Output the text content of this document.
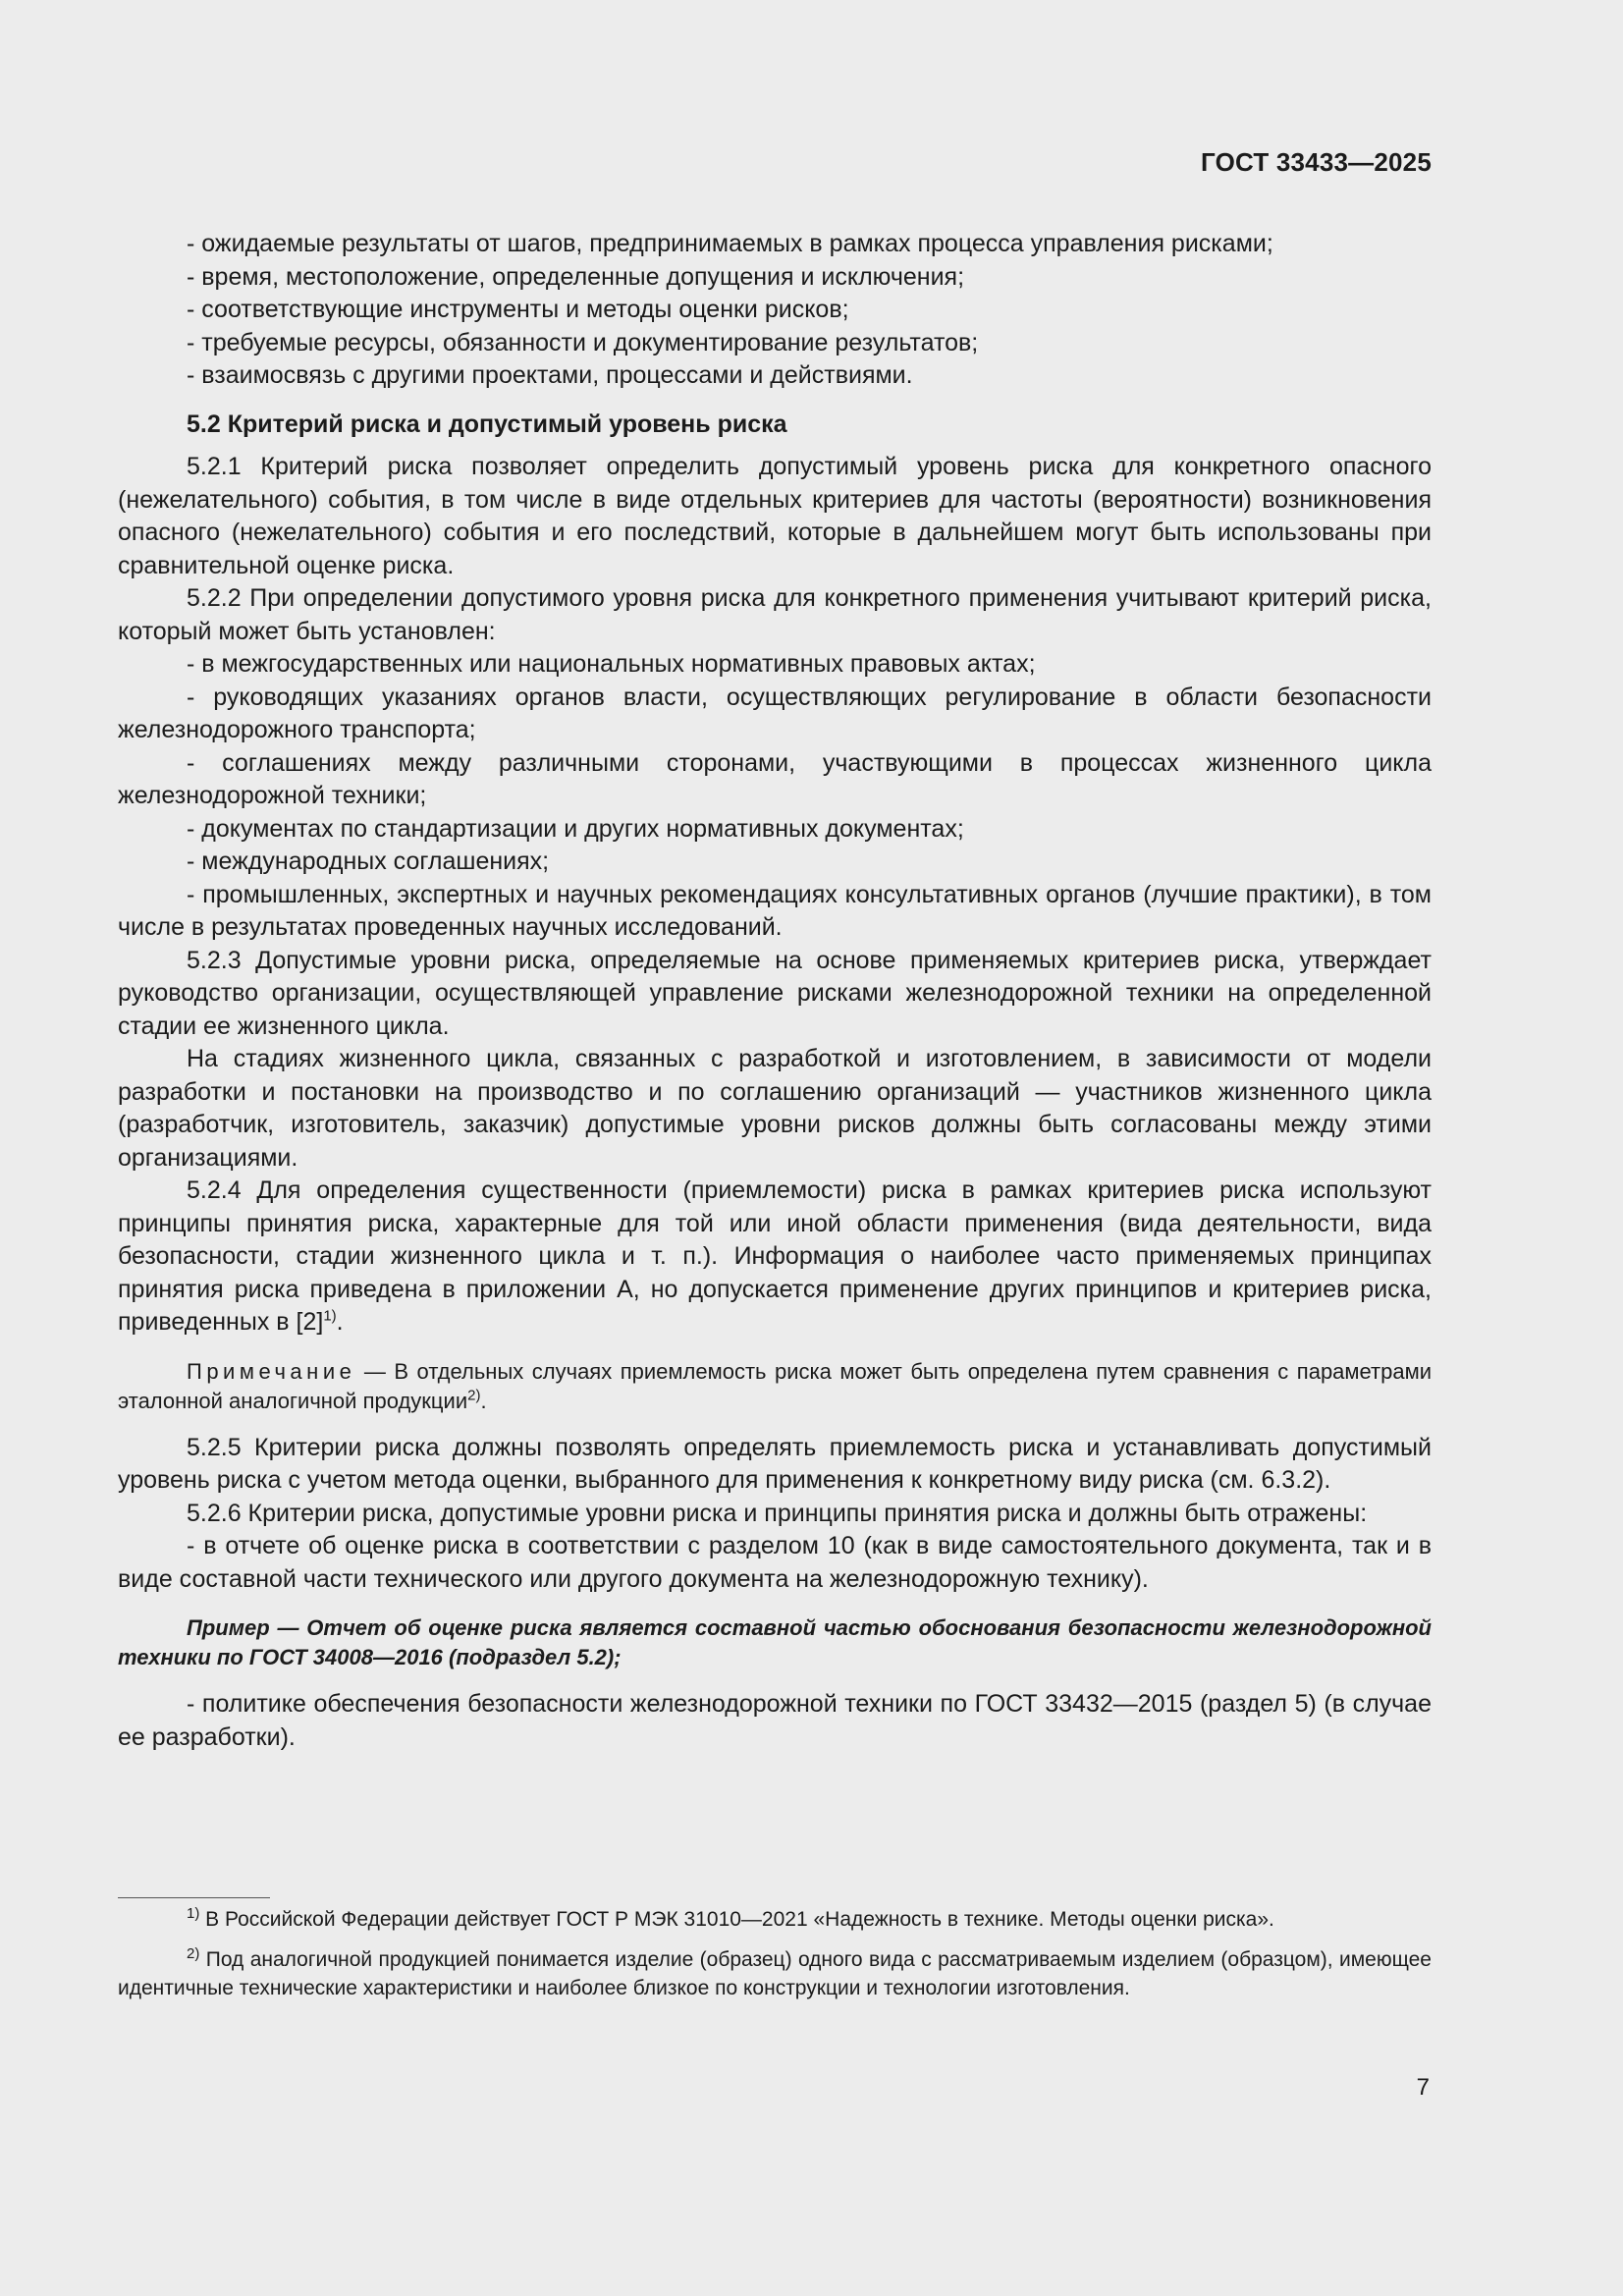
ГОСТ 33433—2025

- ожидаемые результаты от шагов, предпринимаемых в рамках процесса управления рисками;

- время, местоположение, определенные допущения и исключения;

- соответствующие инструменты и методы оценки рисков;

- требуемые ресурсы, обязанности и документирование результатов;

- взаимосвязь с другими проектами, процессами и действиями.

5.2 Критерий риска и допустимый уровень риска

5.2.1 Критерий риска позволяет определить допустимый уровень риска для конкретного опасного (нежелательного) события, в том числе в виде отдельных критериев для частоты (вероятности) возникновения опасного (нежелательного) события и его последствий, которые в дальнейшем могут быть использованы при сравнительной оценке риска.

5.2.2 При определении допустимого уровня риска для конкретного применения учитывают критерий риска, который может быть установлен:

- в межгосударственных или национальных нормативных правовых актах;

- руководящих указаниях органов власти, осуществляющих регулирование в области безопасности железнодорожного транспорта;

- соглашениях между различными сторонами, участвующими в процессах жизненного цикла железнодорожной техники;

- документах по стандартизации и других нормативных документах;

- международных соглашениях;

- промышленных, экспертных и научных рекомендациях консультативных органов (лучшие практики), в том числе в результатах проведенных научных исследований.

5.2.3 Допустимые уровни риска, определяемые на основе применяемых критериев риска, утверждает руководство организации, осуществляющей управление рисками железнодорожной техники на определенной стадии ее жизненного цикла.

На стадиях жизненного цикла, связанных с разработкой и изготовлением, в зависимости от модели разработки и постановки на производство и по соглашению организаций — участников жизненного цикла (разработчик, изготовитель, заказчик) допустимые уровни рисков должны быть согласованы между этими организациями.

5.2.4 Для определения существенности (приемлемости) риска в рамках критериев риска используют принципы принятия риска, характерные для той или иной области применения (вида деятельности, вида безопасности, стадии жизненного цикла и т. п.). Информация о наиболее часто применяемых принципах принятия риска приведена в приложении А, но допускается применение других принципов и критериев риска, приведенных в $[2]^{1)}$.

Примечание — В отдельных случаях приемлемость риска может быть определена путем сравнения с параметрами эталонной аналогичной продукции$^{2)}$.

5.2.5 Критерии риска должны позволять определять приемлемость риска и устанавливать допустимый уровень риска с учетом метода оценки, выбранного для применения к конкретному виду риска (см. 6.3.2).

5.2.6 Критерии риска, допустимые уровни риска и принципы принятия риска и должны быть отражены:

- в отчете об оценке риска в соответствии с разделом 10 (как в виде самостоятельного документа, так и в виде составной части технического или другого документа на железнодорожную технику).

Пример — Отчет об оценке риска является составной частью обоснования безопасности железнодорожной техники по ГОСТ 34008—2016 (подраздел 5.2);

- политике обеспечения безопасности железнодорожной техники по ГОСТ 33432—2015 (раздел 5) (в случае ее разработки).

$^{1)}$ В Российской Федерации действует ГОСТ Р МЭК 31010—2021 «Надежность в технике. Методы оценки риска».

$^{2)}$ Под аналогичной продукцией понимается изделие (образец) одного вида с рассматриваемым изделием (образцом), имеющее идентичные технические характеристики и наиболее близкое по конструкции и технологии изготовления.

7
